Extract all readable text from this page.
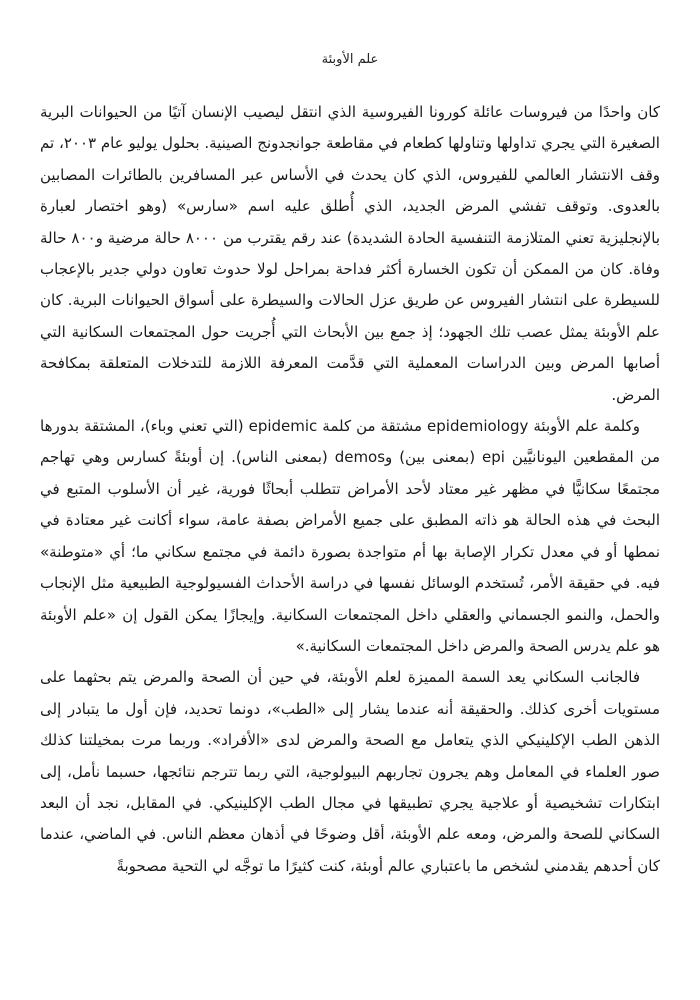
علم الأوبئة

كان واحدًا من فيروسات عائلة كورونا الفيروسية الذي انتقل ليصيب الإنسان آتيًا من الحيوانات البرية الصغيرة التي يجري تداولها وتناولها كطعام في مقاطعة جوانجدونج الصينية. بحلول يوليو عام ٢٠٠٣، تم وقف الانتشار العالمي للفيروس، الذي كان يحدث في الأساس عبر المسافرين بالطائرات المصابين بالعدوى. وتوقف تفشي المرض الجديد، الذي أُطلق عليه اسم «سارس» (وهو اختصار لعبارة بالإنجليزية تعني المتلازمة التنفسية الحادة الشديدة) عند رقم يقترب من ٨٠٠٠ حالة مرضية و٨٠٠ حالة وفاة. كان من الممكن أن تكون الخسارة أكثر فداحة بمراحل لولا حدوث تعاون دولي جدير بالإعجاب للسيطرة على انتشار الفيروس عن طريق عزل الحالات والسيطرة على أسواق الحيوانات البرية. كان علم الأوبئة يمثل عصب تلك الجهود؛ إذ جمع بين الأبحاث التي أُجريت حول المجتمعات السكانية التي أصابها المرض وبين الدراسات المعملية التي قدَّمت المعرفة اللازمة للتدخلات المتعلقة بمكافحة المرض.

وكلمة علم الأوبئة epidemiology مشتقة من كلمة epidemic (التي تعني وباء)، المشتقة بدورها من المقطعين اليونانيَّين epi (بمعنى بين) وdemos (بمعنى الناس). إن أوبئةً كسارس وهي تهاجم مجتمعًا سكانيًّا في مظهر غير معتاد لأحد الأمراض تتطلب أبحاثًا فورية، غير أن الأسلوب المتبع في البحث في هذه الحالة هو ذاته المطبق على جميع الأمراض بصفة عامة، سواء أكانت غير معتادة في نمطها أو في معدل تكرار الإصابة بها أم متواجدة بصورة دائمة في مجتمع سكاني ما؛ أي «متوطنة» فيه. في حقيقة الأمر، تُستخدم الوسائل نفسها في دراسة الأحداث الفسيولوجية الطبيعية مثل الإنجاب والحمل، والنمو الجسماني والعقلي داخل المجتمعات السكانية. وإيجازًا يمكن القول إن «علم الأوبئة هو علم يدرس الصحة والمرض داخل المجتمعات السكانية.»

فالجانب السكاني يعد السمة المميزة لعلم الأوبئة، في حين أن الصحة والمرض يتم بحثهما على مستويات أخرى كذلك. والحقيقة أنه عندما يشار إلى «الطب»، دونما تحديد، فإن أول ما يتبادر إلى الذهن الطب الإكلينيكي الذي يتعامل مع الصحة والمرض لدى «الأفراد». وربما مرت بمخيلتنا كذلك صور العلماء في المعامل وهم يجرون تجاربهم البيولوجية، التي ربما تترجم نتائجها، حسبما نأمل، إلى ابتكارات تشخيصية أو علاجية يجري تطبيقها في مجال الطب الإكلينيكي. في المقابل، نجد أن البعد السكاني للصحة والمرض، ومعه علم الأوبئة، أقل وضوحًا في أذهان معظم الناس. في الماضي، عندما كان أحدهم يقدمني لشخص ما باعتباري عالم أوبئة، كنت كثيرًا ما توجَّه لي التحية مصحوبةً
